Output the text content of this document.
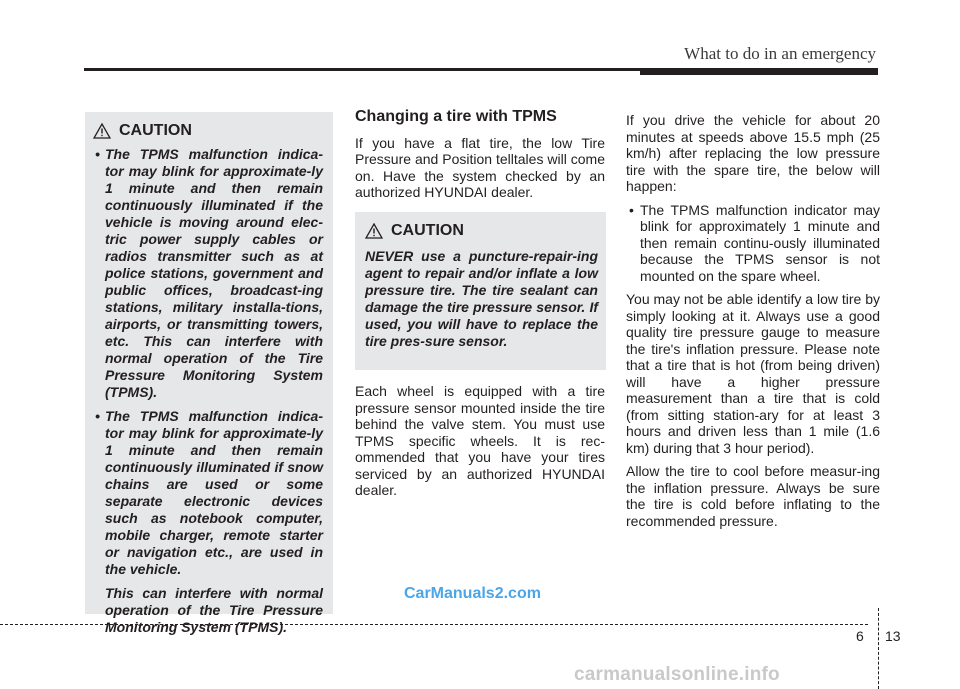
What to do in an emergency
CAUTION
• The TPMS malfunction indica-tor may blink for approximate-ly 1 minute and then remain continuously illuminated if the vehicle is moving around elec-tric power supply cables or radios transmitter such as at police stations, government and public offices, broadcast-ing stations, military installa-tions, airports, or transmitting towers, etc. This can interfere with normal operation of the Tire Pressure Monitoring System (TPMS).
• The TPMS malfunction indica-tor may blink for approximate-ly 1 minute and then remain continuously illuminated if snow chains are used or some separate electronic devices such as notebook computer, mobile charger, remote starter or navigation etc., are used in the vehicle.

This can interfere with normal operation of the Tire Pressure Monitoring System (TPMS).

Changing a tire with TPMS

If you have a flat tire, the low Tire Pressure and Position telltales will come on. Have the system checked by an authorized HYUNDAI dealer.

CAUTION

NEVER use a puncture-repair-ing agent to repair and/or inflate a low pressure tire. The tire sealant can damage the tire pressure sensor. If used, you will have to replace the tire pres-sure sensor.

Each wheel is equipped with a tire pressure sensor mounted inside the tire behind the valve stem. You must use TPMS specific wheels. It is rec-ommended that you have your tires serviced by an authorized HYUNDAI dealer.

If you drive the vehicle for about 20 minutes at speeds above 15.5 mph (25 km/h) after replacing the low pressure tire with the spare tire, the below will happen:

• The TPMS malfunction indicator may blink for approximately 1 minute and then remain continu-ously illuminated because the TPMS sensor is not mounted on the spare wheel.

You may not be able identify a low tire by simply looking at it. Always use a good quality tire pressure gauge to measure the tire's inflation pressure. Please note that a tire that is hot (from being driven) will have a higher pressure measurement than a tire that is cold (from sitting station-ary for at least 3 hours and driven less than 1 mile (1.6 km) during that 3 hour period).

Allow the tire to cool before measur-ing the inflation pressure. Always be sure the tire is cold before inflating to the recommended pressure.

CarManuals2.com
6 13
carmanualsonline.info
